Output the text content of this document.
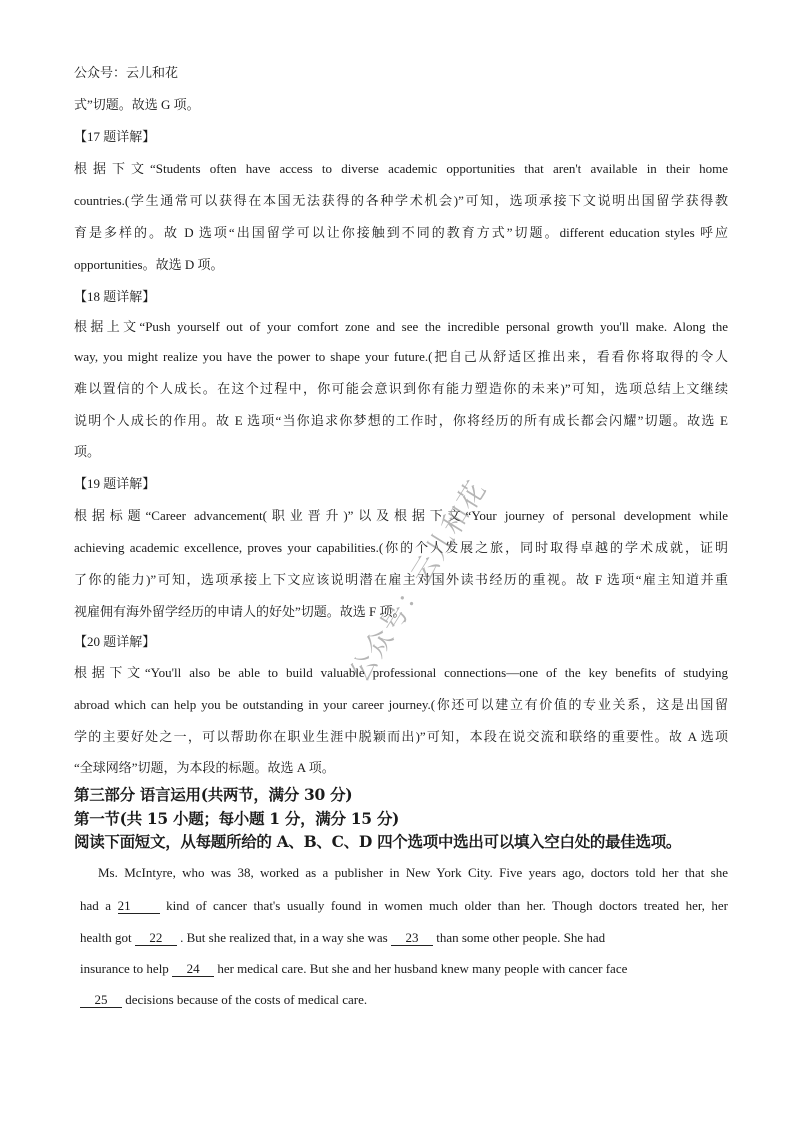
公众号：云儿和花
式”切题。故选 G 项。
【17 题详解】
根据下文“Students often have access to diverse academic opportunities that aren't available in their home
countries.(学生通常可以获得在本国无法获得的各种学术机会)”可知，选项承接下文说明出国留学获得教
育是多样的。故 D 选项“出国留学可以让你接触到不同的教育方式”切题。different education styles 呼应
opportunities。故选 D 项。
【18 题详解】
根据上文“Push yourself out of your comfort zone and see the incredible personal growth you'll make. Along the
way, you might realize you have the power to shape your future.(把自己从舒适区推出来，看看你将取得的令人
难以置信的个人成长。在这个过程中，你可能会意识到你有能力塑造你的未来)”可知，选项总结上文继续
说明个人成长的作用。故 E 选项“当你追求你梦想的工作时，你将经历的所有成长都会闪耀”切题。故选 E
项。
【19 题详解】
根据标题“Career advancement(职业晋升)”以及根据下文“Your journey of personal development while
achieving academic excellence, proves your capabilities.(你的个人发展之旅，同时取得卓越的学术成就，证明
了你的能力)”可知，选项承接上下文应该说明潜在雇主对国外读书经历的重视。故 F 选项“雇主知道并重
视雇佣有海外留学经历的申请人的好处”切题。故选 F 项。
【20 题详解】
根据下文“You'll also be able to build valuable professional connections—one of the key benefits of studying
abroad which can help you be outstanding in your career journey.(你还可以建立有价值的专业关系，这是出国留
学的主要好处之一，可以帮助你在职业生涯中脱颖而出)”可知，本段在说交流和联络的重要性。故 A 选项
“全球网络”切题，为本段的标题。故选 A 项。
第三部分 语言运用(共两节，满分 30 分)
第一节(共 15 小题；每小题 1 分，满分 15 分)
阅读下面短文，从每题所给的 A、B、C、D 四个选项中选出可以填入空白处的最佳选项。
Ms. McIntyre, who was 38, worked as a publisher in New York City. Five years ago, doctors told her that she
had a 21	kind of cancer that's usually found in women much older than her. Though doctors treated her, her
health got 22 . But she realized that, in a way she was 23 than some other people. She had
insurance to help 24 her medical care. But she and her husband knew many people with cancer face
25 decisions because of the costs of medical care.
公众号：云儿和花
